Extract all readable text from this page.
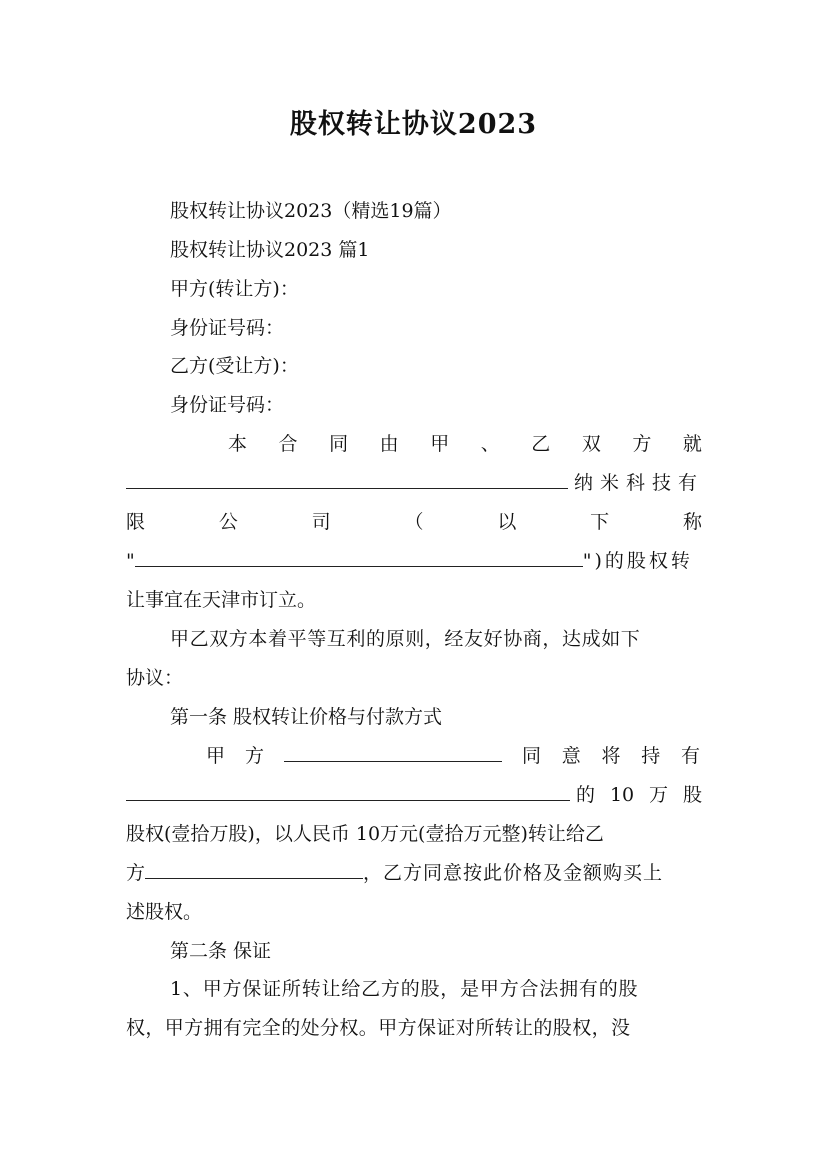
股权转让协议2023
股权转让协议2023（精选19篇）
股权转让协议2023 篇1
甲方(转让方)：
身份证号码：
乙方(受让方)：
身份证号码：
本 合 同 由 甲 、 乙 双 方 就
纳米科技有
限	公	司	（	以	下	称
"	")的股权转
让事宜在天津市订立。
甲乙双方本着平等互利的原则，经友好协商，达成如下
协议：
第一条 股权转让价格与付款方式
甲 方	同 意 将 持 有
的 10 万 股
股权(壹拾万股)，以人民币 10万元(壹拾万元整)转让给乙
方	，乙方同意按此价格及金额购买上
述股权。
第二条 保证
1、甲方保证所转让给乙方的股，是甲方合法拥有的股
权，甲方拥有完全的处分权。甲方保证对所转让的股权，没
